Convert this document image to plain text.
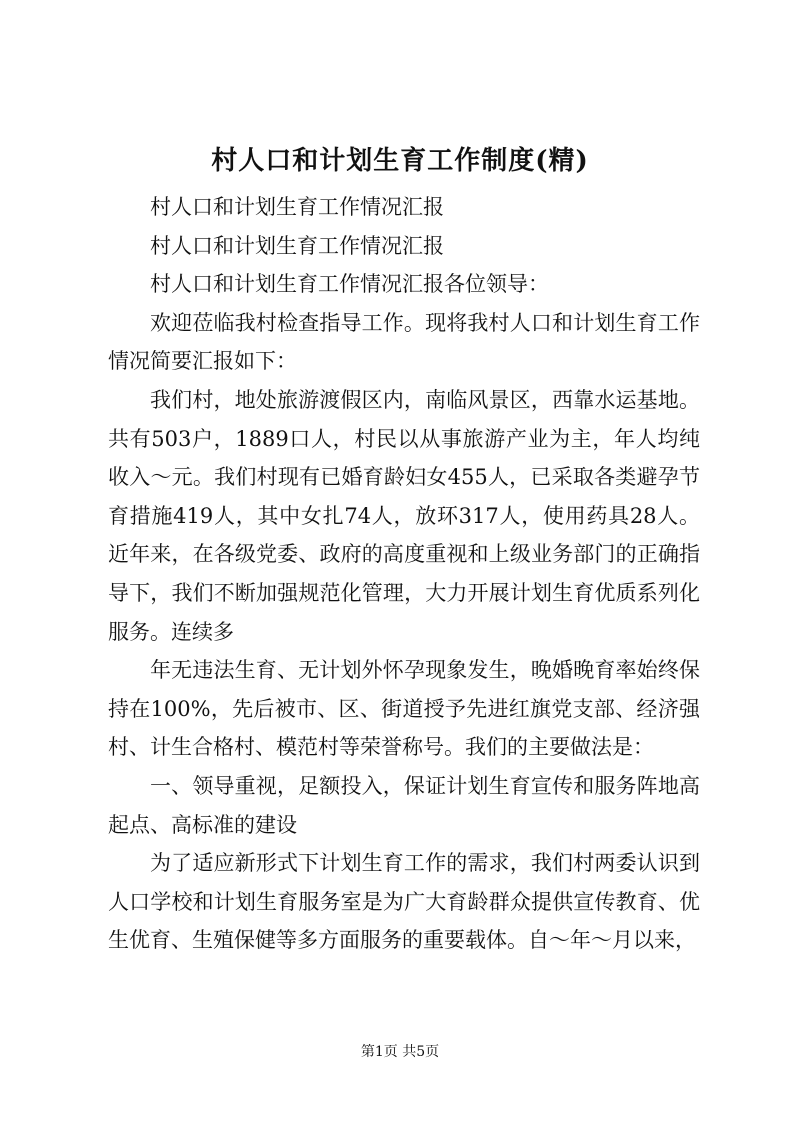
村人口和计划生育工作制度(精)

村人口和计划生育工作情况汇报

村人口和计划生育工作情况汇报

村人口和计划生育工作情况汇报各位领导：

欢迎莅临我村检查指导工作。现将我村人口和计划生育工作情况简要汇报如下：

我们村，地处旅游渡假区内，南临风景区，西靠水运基地。共有503户，1889口人，村民以从事旅游产业为主，年人均纯收入～元。我们村现有已婚育龄妇女455人，已采取各类避孕节育措施419人，其中女扎74人，放环317人，使用药具28人。近年来，在各级党委、政府的高度重视和上级业务部门的正确指导下，我们不断加强规范化管理，大力开展计划生育优质系列化服务。连续多

年无违法生育、无计划外怀孕现象发生，晚婚晚育率始终保持在100%，先后被市、区、街道授予先进红旗党支部、经济强村、计生合格村、模范村等荣誉称号。我们的主要做法是：

一、领导重视，足额投入，保证计划生育宣传和服务阵地高起点、高标准的建设

为了适应新形式下计划生育工作的需求，我们村两委认识到人口学校和计划生育服务室是为广大育龄群众提供宣传教育、优生优育、生殖保健等多方面服务的重要载体。自～年～月以来，

第1页 共5页
